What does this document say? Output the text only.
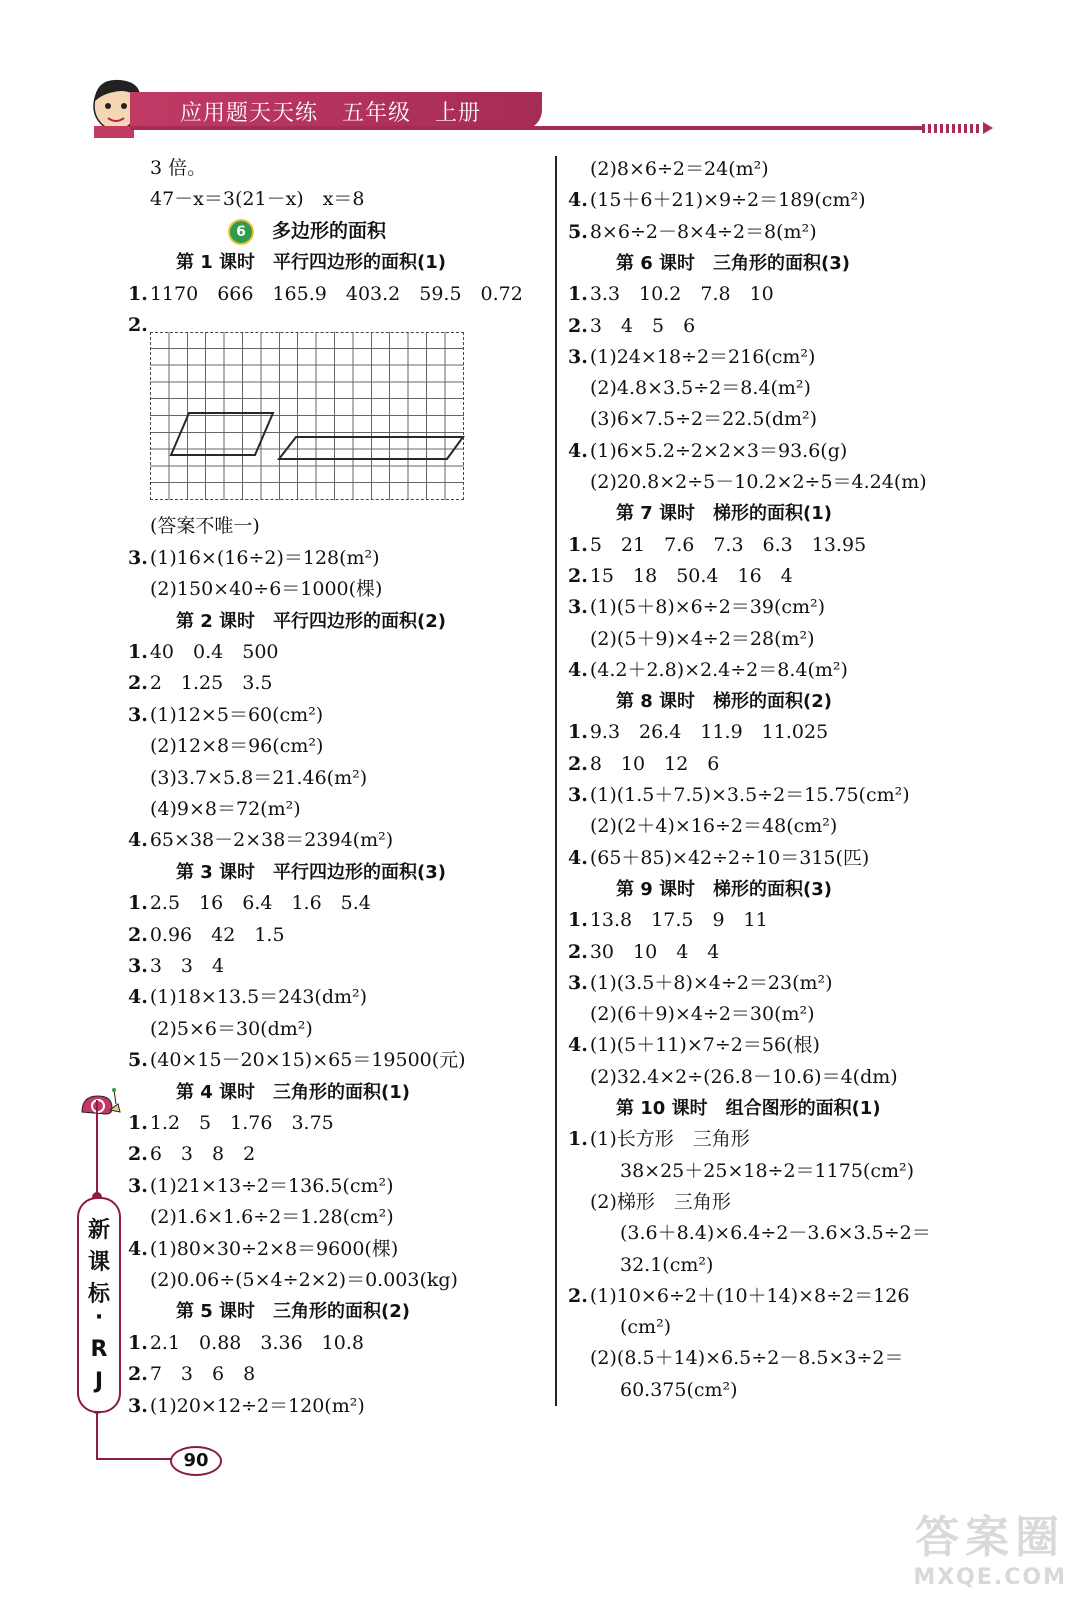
应用题天天练 五年级 上册
3 倍。
47－x＝3(21－x)　x＝8
6 多边形的面积
第 1 课时　平行四边形的面积(1)
1. 1170　666　165.9　403.2　59.5　0.72
2.
(答案不唯一)
3. (1)16×(16÷2)＝128(m²)
(2)150×40÷6＝1000(棵)
第 2 课时　平行四边形的面积(2)
1. 40　0.4　500
2. 2　1.25　3.5
3. (1)12×5＝60(cm²)
(2)12×8＝96(cm²)
(3)3.7×5.8＝21.46(m²)
(4)9×8＝72(m²)
4. 65×38－2×38＝2394(m²)
第 3 课时　平行四边形的面积(3)
1. 2.5　16　6.4　1.6　5.4
2. 0.96　42　1.5
3. 3　3　4
4. (1)18×13.5＝243(dm²)
(2)5×6＝30(dm²)
5. (40×15－20×15)×65＝19500(元)
第 4 课时　三角形的面积(1)
1. 1.2　5　1.76　3.75
2. 6　3　8　2
3. (1)21×13÷2＝136.5(cm²)
(2)1.6×1.6÷2＝1.28(cm²)
4. (1)80×30÷2×8＝9600(棵)
(2)0.06÷(5×4÷2×2)＝0.003(kg)
第 5 课时　三角形的面积(2)
1. 2.1　0.88　3.36　10.8
2. 7　3　6　8
3. (1)20×12÷2＝120(m²)
(2)8×6÷2＝24(m²)
4. (15＋6＋21)×9÷2＝189(cm²)
5. 8×6÷2－8×4÷2＝8(m²)
第 6 课时　三角形的面积(3)
1. 3.3　10.2　7.8　10
2. 3　4　5　6
3. (1)24×18÷2＝216(cm²)
(2)4.8×3.5÷2＝8.4(m²)
(3)6×7.5÷2＝22.5(dm²)
4. (1)6×5.2÷2×2×3＝93.6(g)
(2)20.8×2÷5－10.2×2÷5＝4.24(m)
第 7 课时　梯形的面积(1)
1. 5　21　7.6　7.3　6.3　13.95
2. 15　18　50.4　16　4
3. (1)(5＋8)×6÷2＝39(cm²)
(2)(5＋9)×4÷2＝28(m²)
4. (4.2＋2.8)×2.4÷2＝8.4(m²)
第 8 课时　梯形的面积(2)
1. 9.3　26.4　11.9　11.025
2. 8　10　12　6
3. (1)(1.5＋7.5)×3.5÷2＝15.75(cm²)
(2)(2＋4)×16÷2＝48(cm²)
4. (65＋85)×42÷2÷10＝315(匹)
第 9 课时　梯形的面积(3)
1. 13.8　17.5　9　11
2. 30　10　4　4
3. (1)(3.5＋8)×4÷2＝23(m²)
(2)(6＋9)×4÷2＝30(m²)
4. (1)(5＋11)×7÷2＝56(根)
(2)32.4×2÷(26.8－10.6)＝4(dm)
第 10 课时　组合图形的面积(1)
1. (1)长方形　三角形
38×25＋25×18÷2＝1175(cm²)
(2)梯形　三角形
(3.6＋8.4)×6.4÷2－3.6×3.5÷2＝
32.1(cm²)
2. (1)10×6÷2＋(10＋14)×8÷2＝126
(cm²)
(2)(8.5＋14)×6.5÷2－8.5×3÷2＝
60.375(cm²)
新
课
标
·
R
J
90
答案圈
MXQE.COM
